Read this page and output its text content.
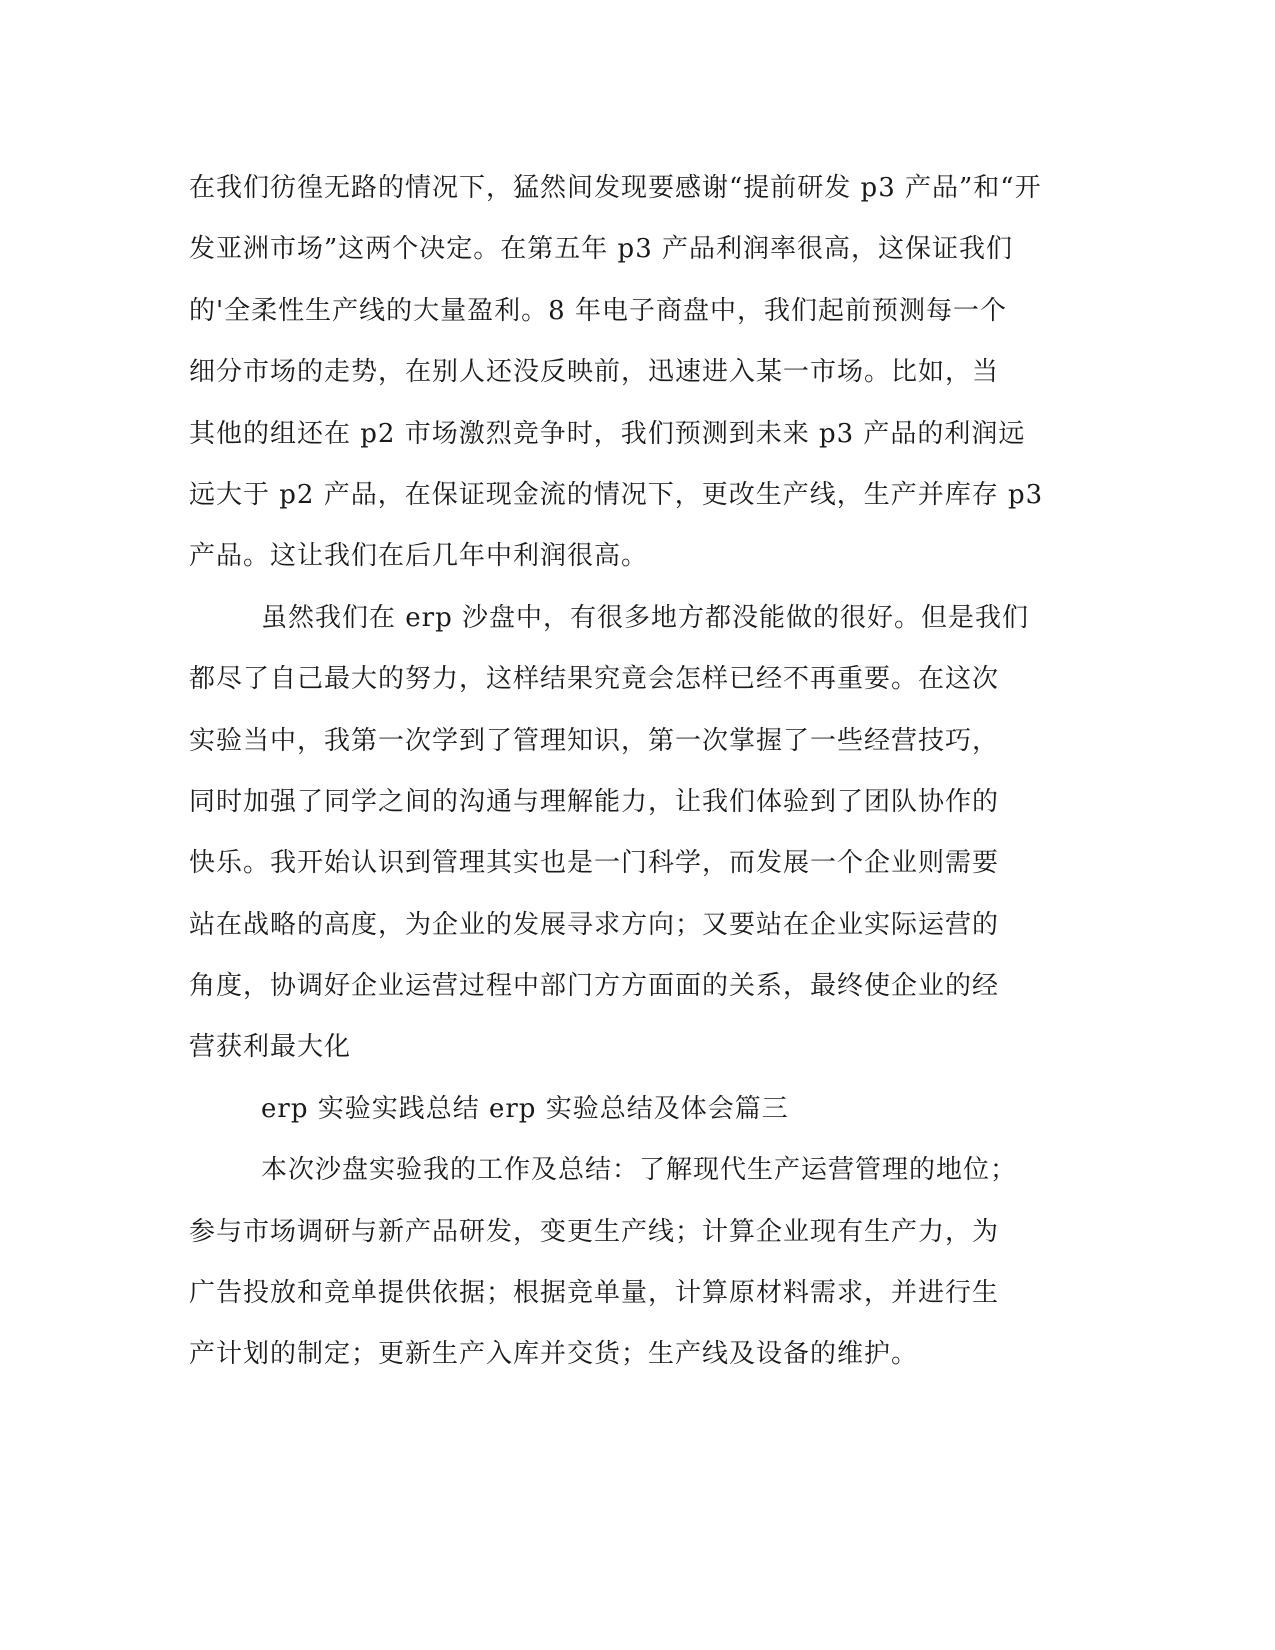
在我们彷徨无路的情况下，猛然间发现要感谢“提前研发 p3 产品”和“开
发亚洲市场”这两个决定。在第五年 p3 产品利润率很高，这保证我们
的'全柔性生产线的大量盈利。8 年电子商盘中，我们起前预测每一个
细分市场的走势，在别人还没反映前，迅速进入某一市场。比如，当
其他的组还在 p2 市场激烈竞争时，我们预测到未来 p3 产品的利润远
远大于 p2 产品，在保证现金流的情况下，更改生产线，生产并库存 p3
产品。这让我们在后几年中利润很高。
虽然我们在 erp 沙盘中，有很多地方都没能做的很好。但是我们
都尽了自己最大的努力，这样结果究竟会怎样已经不再重要。在这次
实验当中，我第一次学到了管理知识，第一次掌握了一些经营技巧，
同时加强了同学之间的沟通与理解能力，让我们体验到了团队协作的
快乐。我开始认识到管理其实也是一门科学，而发展一个企业则需要
站在战略的高度，为企业的发展寻求方向；又要站在企业实际运营的
角度，协调好企业运营过程中部门方方面面的关系，最终使企业的经
营获利最大化
erp 实验实践总结 erp 实验总结及体会篇三
本次沙盘实验我的工作及总结：了解现代生产运营管理的地位；
参与市场调研与新产品研发，变更生产线；计算企业现有生产力，为
广告投放和竞单提供依据；根据竞单量，计算原材料需求，并进行生
产计划的制定；更新生产入库并交货；生产线及设备的维护。
